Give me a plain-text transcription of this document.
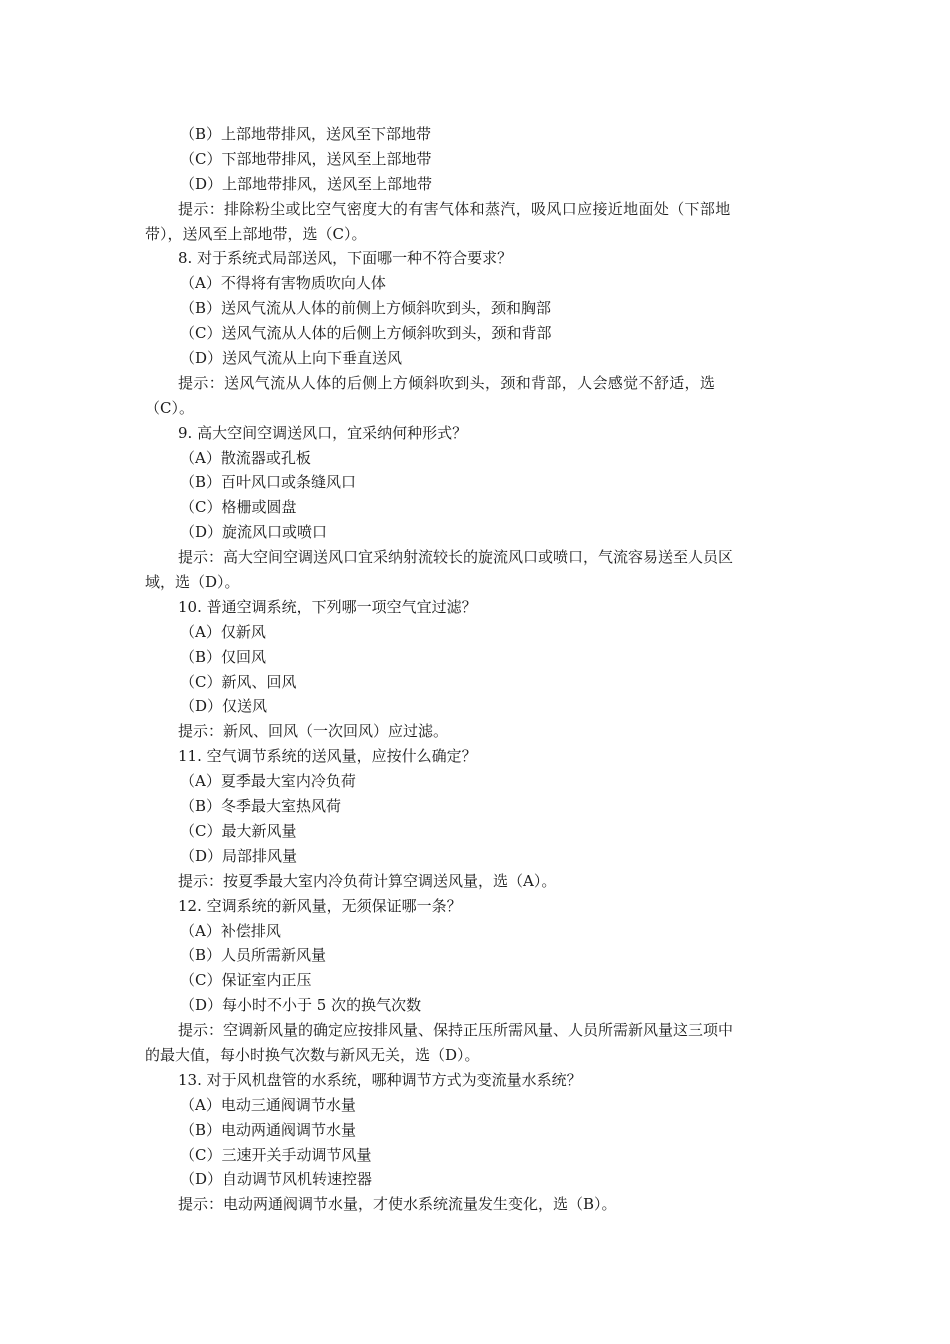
（B）上部地带排风，送风至下部地带
（C）下部地带排风，送风至上部地带
（D）上部地带排风，送风至上部地带
提示：排除粉尘或比空气密度大的有害气体和蒸汽，吸风口应接近地面处（下部地
带），送风至上部地带，选（C）。
8. 对于系统式局部送风，下面哪一种不符合要求？
（A）不得将有害物质吹向人体
（B）送风气流从人体的前侧上方倾斜吹到头，颈和胸部
（C）送风气流从人体的后侧上方倾斜吹到头，颈和背部
（D）送风气流从上向下垂直送风
提示：送风气流从人体的后侧上方倾斜吹到头，颈和背部，人会感觉不舒适，选
（C）。
9. 高大空间空调送风口，宜采纳何种形式？
（A）散流器或孔板
（B）百叶风口或条缝风口
（C）格栅或圆盘
（D）旋流风口或喷口
提示：高大空间空调送风口宜采纳射流较长的旋流风口或喷口，气流容易送至人员区
域，选（D）。
10. 普通空调系统，下列哪一项空气宜过滤？
（A）仅新风
（B）仅回风
（C）新风、回风
（D）仅送风
提示：新风、回风（一次回风）应过滤。
11. 空气调节系统的送风量，应按什么确定？
（A）夏季最大室内冷负荷
（B）冬季最大室热风荷
（C）最大新风量
（D）局部排风量
提示：按夏季最大室内冷负荷计算空调送风量，选（A）。
12. 空调系统的新风量，无须保证哪一条？
（A）补偿排风
（B）人员所需新风量
（C）保证室内正压
（D）每小时不小于 5 次的换气次数
提示：空调新风量的确定应按排风量、保持正压所需风量、人员所需新风量这三项中
的最大值，每小时换气次数与新风无关，选（D）。
13. 对于风机盘管的水系统，哪种调节方式为变流量水系统？
（A）电动三通阀调节水量
（B）电动两通阀调节水量
（C）三速开关手动调节风量
（D）自动调节风机转速控器
提示：电动两通阀调节水量，才使水系统流量发生变化，选（B）。
